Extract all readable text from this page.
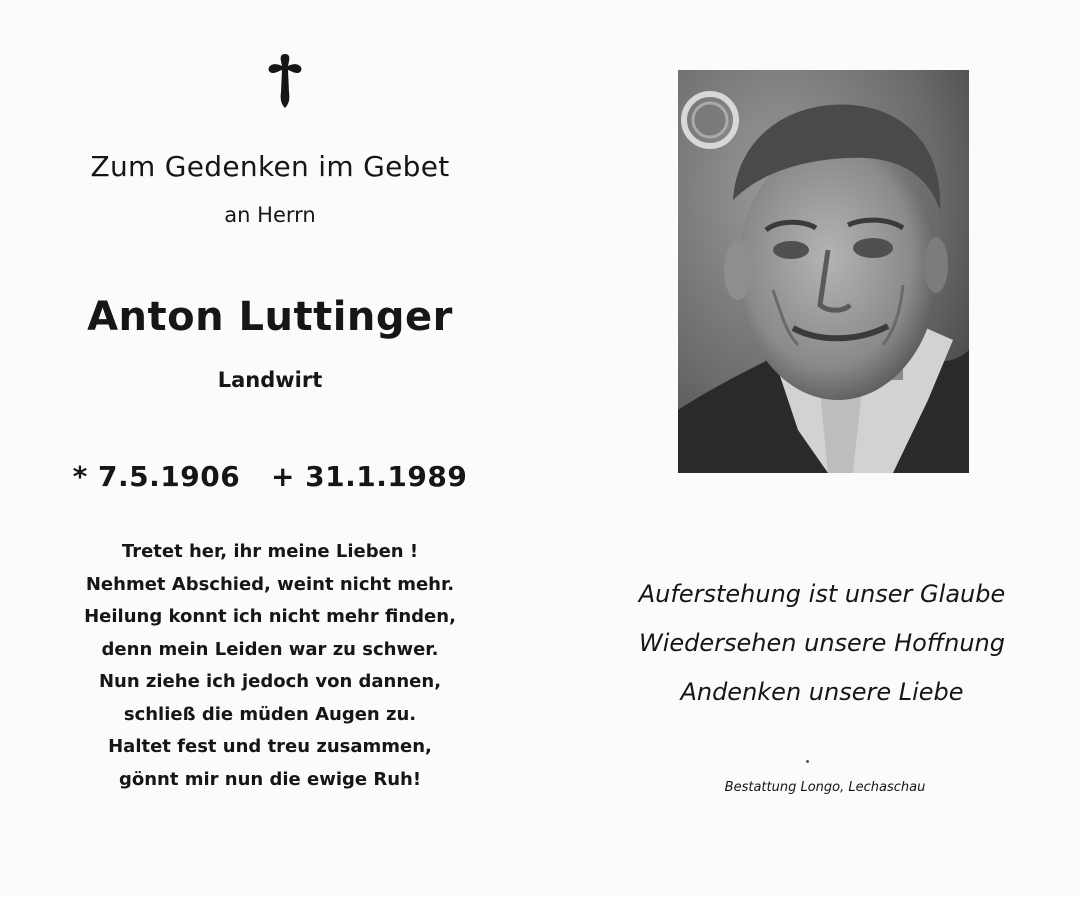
Zum Gedenken im Gebet
an Herrn
Anton Luttinger
Landwirt
* 7.5.1906 + 31.1.1989
Tretet her, ihr meine Lieben !
Nehmet Abschied, weint nicht mehr.
Heilung konnt ich nicht mehr finden,
denn mein Leiden war zu schwer.
Nun ziehe ich jedoch von dannen,
schließ die müden Augen zu.
Haltet fest und treu zusammen,
gönnt mir nun die ewige Ruh!
Auferstehung ist unser Glaube
Wiedersehen unsere Hoffnung
Andenken unsere Liebe
Bestattung Longo, Lechaschau
